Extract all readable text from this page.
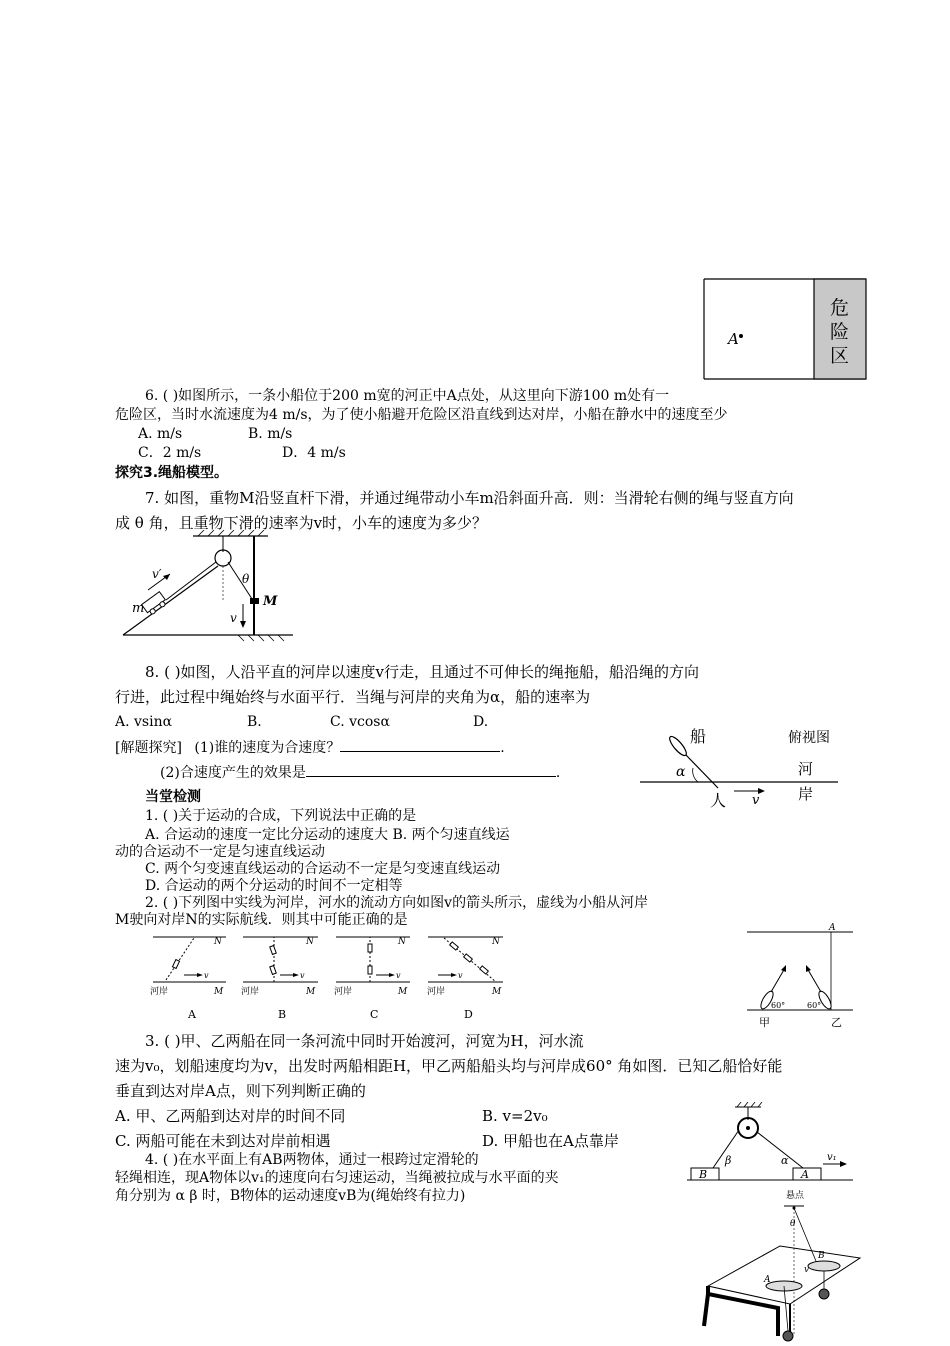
A
危
险
区
6. ( )如图所示，一条小船位于200 m宽的河正中A点处，从这里向下游100 m处有一
危险区，当时水流速度为4 m/s，为了使小船避开危险区沿直线到达对岸，小船在静水中的速度至少
A. m/s	B. m/s
C．2 m/s	D．4 m/s
探究3.绳船模型。
7. 如图，重物M沿竖直杆下滑，并通过绳带动小车m沿斜面升高．则：当滑轮右侧的绳与竖直方向
成 θ 角，且重物下滑的速率为v时，小车的速度为多少？
v′
m
θ
M
v
8. ( )如图，人沿平直的河岸以速度v行走，且通过不可伸长的绳拖船，船沿绳的方向
行进，此过程中绳始终与水面平行．当绳与河岸的夹角为α，船的速率为
A. vsinα	B.	C. vcosα	D.
[解题探究] (1)谁的速度为合速度？	.
(2)合速度产生的效果是	.
船	俯视图
河
岸
α
人 v
当堂检测
1. ( )关于运动的合成，下列说法中正确的是
A. 合运动的速度一定比分运动的速度大 B. 两个匀速直线运
动的合运动不一定是匀速直线运动
C. 两个匀变速直线运动的合运动不一定是匀变速直线运动
D. 合运动的两个分运动的时间不一定相等
2. ( )下列图中实线为河岸，河水的流动方向如图v的箭头所示，虚线为小船从河岸
M驶向对岸N的实际航线．则其中可能正确的是
N
M
河岸
v
A
N
M
河岸
v
B
N
M
河岸
v
C
N
M
河岸
v
D
A
60°	60°
甲	乙
3. ( )甲、乙两船在同一条河流中同时开始渡河，河宽为H，河水流
速为v₀，划船速度均为v，出发时两船相距H，甲乙两船船头均与河岸成60° 角如图．已知乙船恰好能
垂直到达对岸A点，则下列判断正确的
A. 甲、乙两船到达对岸的时间不同	B. v=2v₀
C. 两船可能在未到达对岸前相遇	D. 甲船也在A点靠岸
B	A
β	α	v₁
4. ( )在水平面上有AB两物体，通过一根跨过定滑轮的
轻绳相连，现A物体以v₁的速度向右匀速运动，当绳被拉成与水平面的夹
角分别为 α β 时，B物体的运动速度vB为(绳始终有拉力)	悬点
θ
B
A
v
